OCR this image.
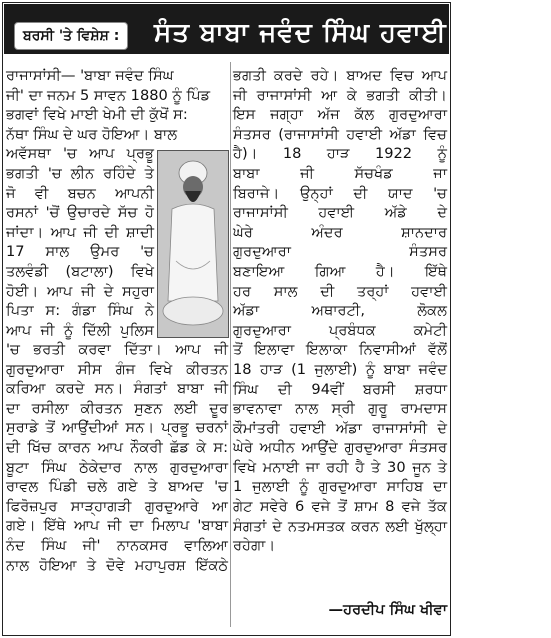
ਬਰਸੀ 'ਤੇ ਵਿਸ਼ੇਸ਼ :	ਸੰਤ ਬਾਬਾ ਜਵੰਦ ਸਿੰਘ ਹਵਾਈ ਅੱਡੇ ਵਾਲੇ
ਰਾਜਾਸਾਂਸੀ— 'ਬਾਬਾ ਜਵੰਦ ਸਿੰਘ
ਜੀ' ਦਾ ਜਨਮ 5 ਸਾਵਨ 1880 ਨੂੰ ਪਿੰਡ
ਭਗਵਾਂ ਵਿਖੇ ਮਾਈ ਖੇਮੀ ਦੀ ਕੁੱਖੋਂ ਸ:
ਨੱਥਾ ਸਿੰਘ ਦੇ ਘਰ ਹੋਇਆ। ਬਾਲ
ਅਵੱਸਥਾ 'ਚ ਆਪ ਪ੍ਰਭੂ
ਭਗਤੀ 'ਚ ਲੀਨ ਰਹਿੰਦੇ ਤੇ
ਜੋ ਵੀ ਬਚਨ ਆਪਨੀ
ਰਸਨਾਂ 'ਚੋਂ ਉਚਾਰਦੇ ਸੱਚ ਹੋ
ਜਾਂਦਾ। ਆਪ ਜੀ ਦੀ ਸ਼ਾਦੀ
17 ਸਾਲ ਉਮਰ 'ਚ
ਤਲਵੰਡੀ (ਬਟਾਲਾ) ਵਿਖੇ
ਹੋਈ। ਆਪ ਜੀ ਦੇ ਸਹੁਰਾ
ਪਿਤਾ ਸ: ਗੰਡਾ ਸਿੰਘ ਨੇ
ਆਪ ਜੀ ਨੂੰ ਦਿੱਲੀ ਪੁਲਿਸ
'ਚ ਭਰਤੀ ਕਰਵਾ ਦਿੱਤਾ। ਆਪ ਜੀ
ਗੁਰਦੁਆਰਾ ਸੀਸ ਗੰਜ ਵਿਖੇ ਕੀਰਤਨ
ਕਰਿਆ ਕਰਦੇ ਸਨ। ਸੰਗਤਾਂ ਬਾਬਾ ਜੀ
ਦਾ ਰਸੀਲਾ ਕੀਰਤਨ ਸੁਣਨ ਲਈ ਦੂਰ
ਸੁਰਾਡੇ ਤੋਂ ਆਉਂਦੀਆਂ ਸਨ। ਪ੍ਰਭੂ ਚਰਨਾਂ
ਦੀ ਖਿੱਚ ਕਾਰਨ ਆਪ ਨੌਕਰੀ ਛੱਡ ਕੇ ਸ:
ਬੂਟਾ ਸਿੰਘ ਠੇਕੇਦਾਰ ਨਾਲ ਗੁਰਦੁਆਰਾ
ਰਾਵਲ ਪਿੰਡੀ ਚਲੇ ਗਏ ਤੇ ਬਾਅਦ 'ਚ
ਫਿਰੋਜ਼ਪੁਰ ਸਾੜ੍ਹਾਗੜੀ ਗੁਰਦੁਆਰੇ ਆ
ਗਏ। ਇੱਥੇ ਆਪ ਜੀ ਦਾ ਮਿਲਾਪ 'ਬਾਬਾ
ਨੰਦ ਸਿੰਘ ਜੀ' ਨਾਨਕਸਰ ਵਾਲਿਆ
ਨਾਲ ਹੋਇਆ ਤੇ ਦੋਵੇ ਮਹਾਪੁਰਸ਼ ਇੱਕਠੇ
ਭਗਤੀ ਕਰਦੇ ਰਹੇ। ਬਾਅਦ ਵਿਚ ਆਪ
ਜੀ ਰਾਜਾਸਾਂਸੀ ਆ ਕੇ ਭਗਤੀ ਕੀਤੀ।
ਇਸ ਜਗ੍ਹਾ ਅੱਜ ਕੱਲ ਗੁਰਦੁਆਰਾ
ਸੰਤਸਰ (ਰਾਜਾਸਾਂਸੀ ਹਵਾਈ ਅੱਡਾ ਵਿਚ
ਹੈ)। 18 ਹਾੜ 1922 ਨੂੰ
ਬਾਬਾ ਜੀ ਸੱਚਖੰਡ ਜਾ
ਬਿਰਾਜੇ। ਉਨ੍ਹਾਂ ਦੀ ਯਾਦ 'ਚ
ਰਾਜਾਸਾਂਸੀ ਹਵਾਈ ਅੱਡੇ ਦੇ
ਘੇਰੇ ਅੰਦਰ ਸ਼ਾਨਦਾਰ
ਗੁਰਦੁਆਰਾ ਸੰਤਸਰ
ਬਣਾਇਆ ਗਿਆ ਹੈ। ਇੱਥੇ
ਹਰ ਸਾਲ ਦੀ ਤਰ੍ਹਾਂ ਹਵਾਈ
ਅੱਡਾ ਅਥਾਰਟੀ, ਲੋਕਲ
ਗੁਰਦੁਆਰਾ ਪ੍ਰਬੰਧਕ ਕਮੇਟੀ
ਤੋਂ ਇਲਾਵਾ ਇਲਾਕਾ ਨਿਵਾਸੀਆਂ ਵੱਲੋਂ
18 ਹਾੜ (1 ਜੁਲਾਈ) ਨੂੰ ਬਾਬਾ ਜਵੰਦ
ਸਿੰਘ ਦੀ 94ਵੀਂ ਬਰਸੀ ਸ਼ਰਧਾ
ਭਾਵਨਾਵਾ ਨਾਲ ਸ੍ਰੀ ਗੁਰੂ ਰਾਮਦਾਸ
ਕੌਮਾਂਤਰੀ ਹਵਾਈ ਅੱਡਾ ਰਾਜਾਸਾਂਸੀ ਦੇ
ਘੇਰੇ ਅਧੀਨ ਆਉਂਦੇ ਗੁਰਦੁਆਰਾ ਸੰਤਸਰ
ਵਿਖੇ ਮਨਾਈ ਜਾ ਰਹੀ ਹੈ ਤੇ 30 ਜੂਨ ਤੇ
1 ਜੁਲਾਈ ਨੂੰ ਗੁਰਦੁਆਰਾ ਸਾਹਿਬ ਦਾ
ਗੇਟ ਸਵੇਰੇ 6 ਵਜੇ ਤੋਂ ਸ਼ਾਮ 8 ਵਜੇ ਤੱਕ
ਸੰਗਤਾਂ ਦੇ ਨਤਮਸਤਕ ਕਰਨ ਲਈ ਖੁੱਲ੍ਹਾ
ਰਹੇਗਾ।
—ਹਰਦੀਪ ਸਿੰਘ ਖੀਵਾ
